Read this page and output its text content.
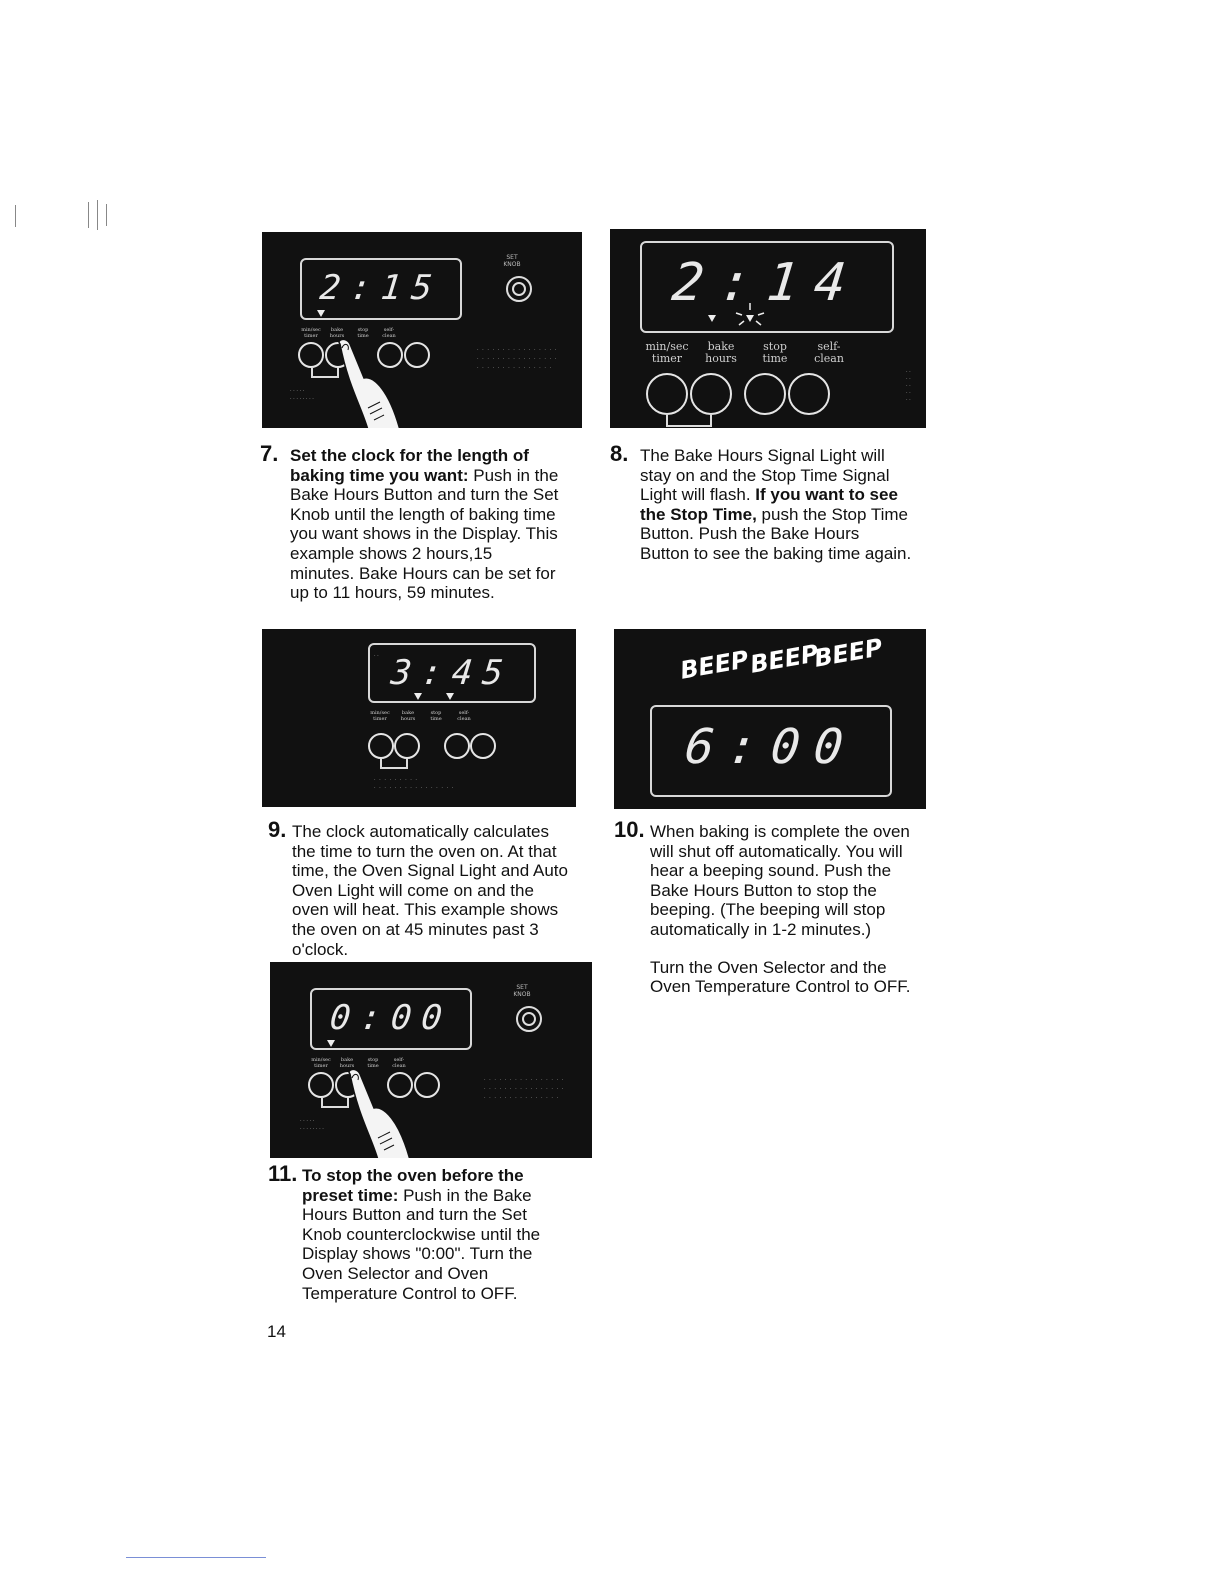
2:15
SET KNOB
min/sec
timer
bake
hours
stop
time
self-
clean
· · · · · · · · · · · · · · · ·
· · · · · · · · · · · · · · · ·
· · · · · · · · · · · · · · ·
· · · · ·
· · · · · · · ·
2:14
min/sec
timer
bake
hours
stop
time
self-
clean
· ·
· ·
· ·
· ·
· ·
7. Set the clock for the length of baking time you want: Push in the Bake Hours Button and turn the Set Knob until the length of baking time you want shows in the Display. This example shows 2 hours,15 minutes. Bake Hours can be set for up to 11 hours, 59 minutes.
8. The Bake Hours Signal Light will stay on and the Stop Time Signal Light will flash. If you want to see the Stop Time, push the Stop Time Button. Push the Bake Hours Button to see the baking time again.
3:45
· ·
min/sec
timer
bake
hours
stop
time
self-
clean
· · · · · · · · ·
· · · · · · · · · · · · · · · ·
BEEP
BEEP
BEEP
6:00
9. The clock automatically calculates the time to turn the oven on. At that time, the Oven Signal Light and Auto Oven Light will come on and the oven will heat. This example shows the oven on at 45 minutes past 3 o'clock.
10. When baking is complete the oven will shut off automatically. You will hear a beeping sound. Push the Bake Hours Button to stop the beeping. (The beeping will stop automatically in 1-2 minutes.)
Turn the Oven Selector and the Oven Temperature Control to OFF.
0:00
SET KNOB
min/sec
timer
bake
hours
stop
time
self-
clean
· · · · · · · · · · · · · · · ·
· · · · · · · · · · · · · · · ·
· · · · · · · · · · · · · · ·
· · · · ·
· · · · · · · ·
11. To stop the oven before the preset time: Push in the Bake Hours Button and turn the Set Knob counterclockwise until the Display shows "0:00". Turn the Oven Selector and Oven Temperature Control to OFF.
14
